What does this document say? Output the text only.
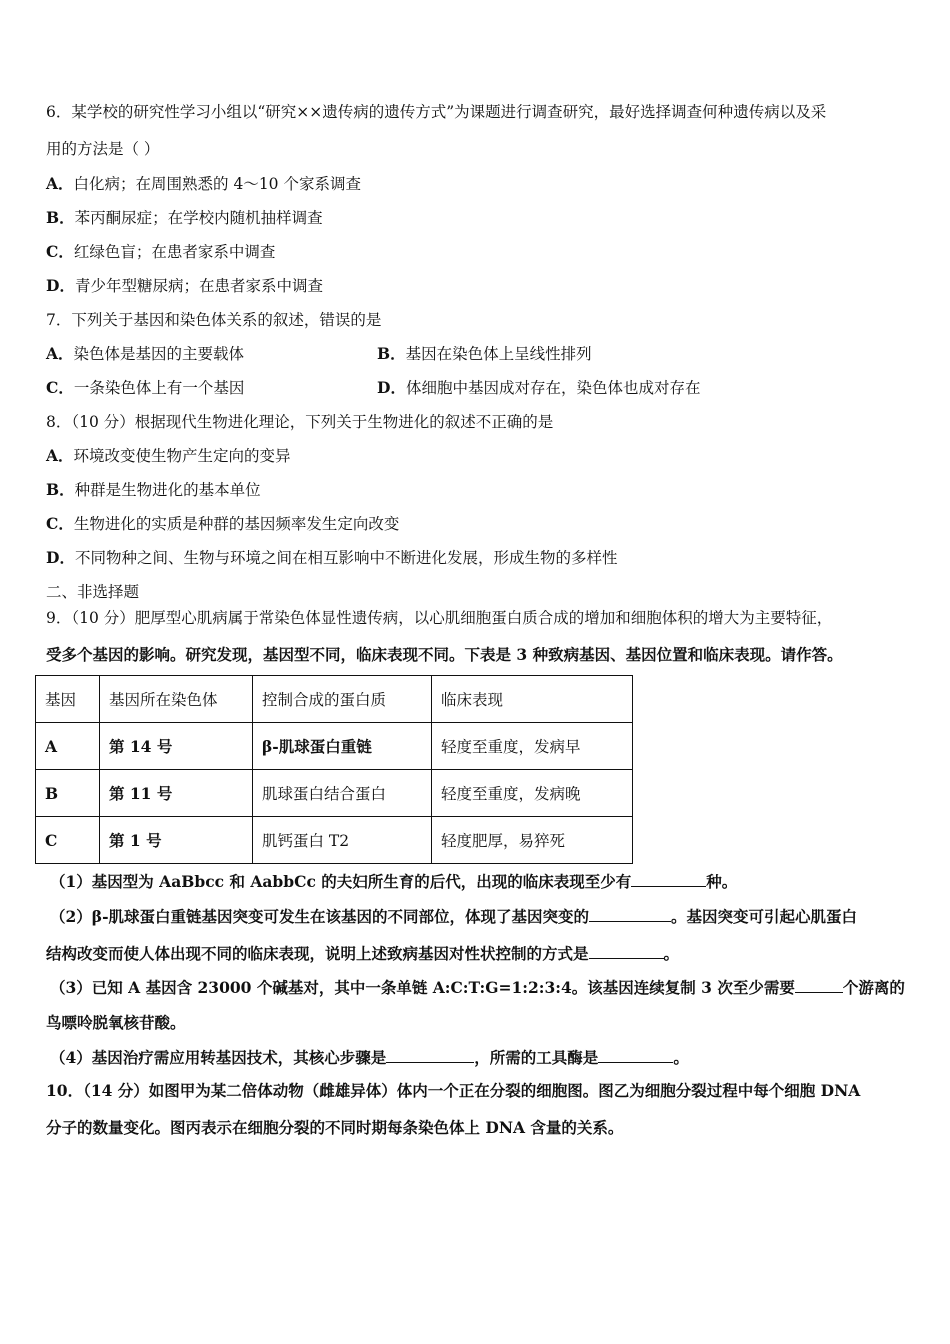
6．某学校的研究性学习小组以“研究××遗传病的遗传方式”为课题进行调查研究，最好选择调查何种遗传病以及采
用的方法是（ ）
A．白化病；在周围熟悉的 4～10 个家系调查
B．苯丙酮尿症；在学校内随机抽样调查
C．红绿色盲；在患者家系中调查
D．青少年型糖尿病；在患者家系中调查
7．下列关于基因和染色体关系的叙述，错误的是
A．染色体是基因的主要载体	B．基因在染色体上呈线性排列
C．一条染色体上有一个基因	D．体细胞中基因成对存在，染色体也成对存在
8．（10 分）根据现代生物进化理论，下列关于生物进化的叙述不正确的是
A．环境改变使生物产生定向的变异
B．种群是生物进化的基本单位
C．生物进化的实质是种群的基因频率发生定向改变
D．不同物种之间、生物与环境之间在相互影响中不断进化发展，形成生物的多样性
二、非选择题
9．（10 分）肥厚型心肌病属于常染色体显性遗传病，以心肌细胞蛋白质合成的增加和细胞体积的增大为主要特征，
受多个基因的影响。研究发现，基因型不同，临床表现不同。下表是 3 种致病基因、基因位置和临床表现。请作答。
基因	基因所在染色体	控制合成的蛋白质	临床表现
A	第 14 号	β-肌球蛋白重链	轻度至重度，发病早
B	第 11 号	肌球蛋白结合蛋白	轻度至重度，发病晚
C	第 1 号	肌钙蛋白 T2	轻度肥厚，易猝死
（1）基因型为 AaBbcc 和 AabbCc 的夫妇所生育的后代，出现的临床表现至少有	种。
（2）β-肌球蛋白重链基因突变可发生在该基因的不同部位，体现了基因突变的	。基因突变可引起心肌蛋白
结构改变而使人体出现不同的临床表现，说明上述致病基因对性状控制的方式是	。
（3）已知 A 基因含 23000 个碱基对，其中一条单链 A:C:T:G=1:2:3:4。该基因连续复制 3 次至少需要	个游离的
鸟嘌呤脱氧核苷酸。
（4）基因治疗需应用转基因技术，其核心步骤是	，所需的工具酶是	。
10．（14 分）如图甲为某二倍体动物（雌雄异体）体内一个正在分裂的细胞图。图乙为细胞分裂过程中每个细胞 DNA
分子的数量变化。图丙表示在细胞分裂的不同时期每条染色体上 DNA 含量的关系。
